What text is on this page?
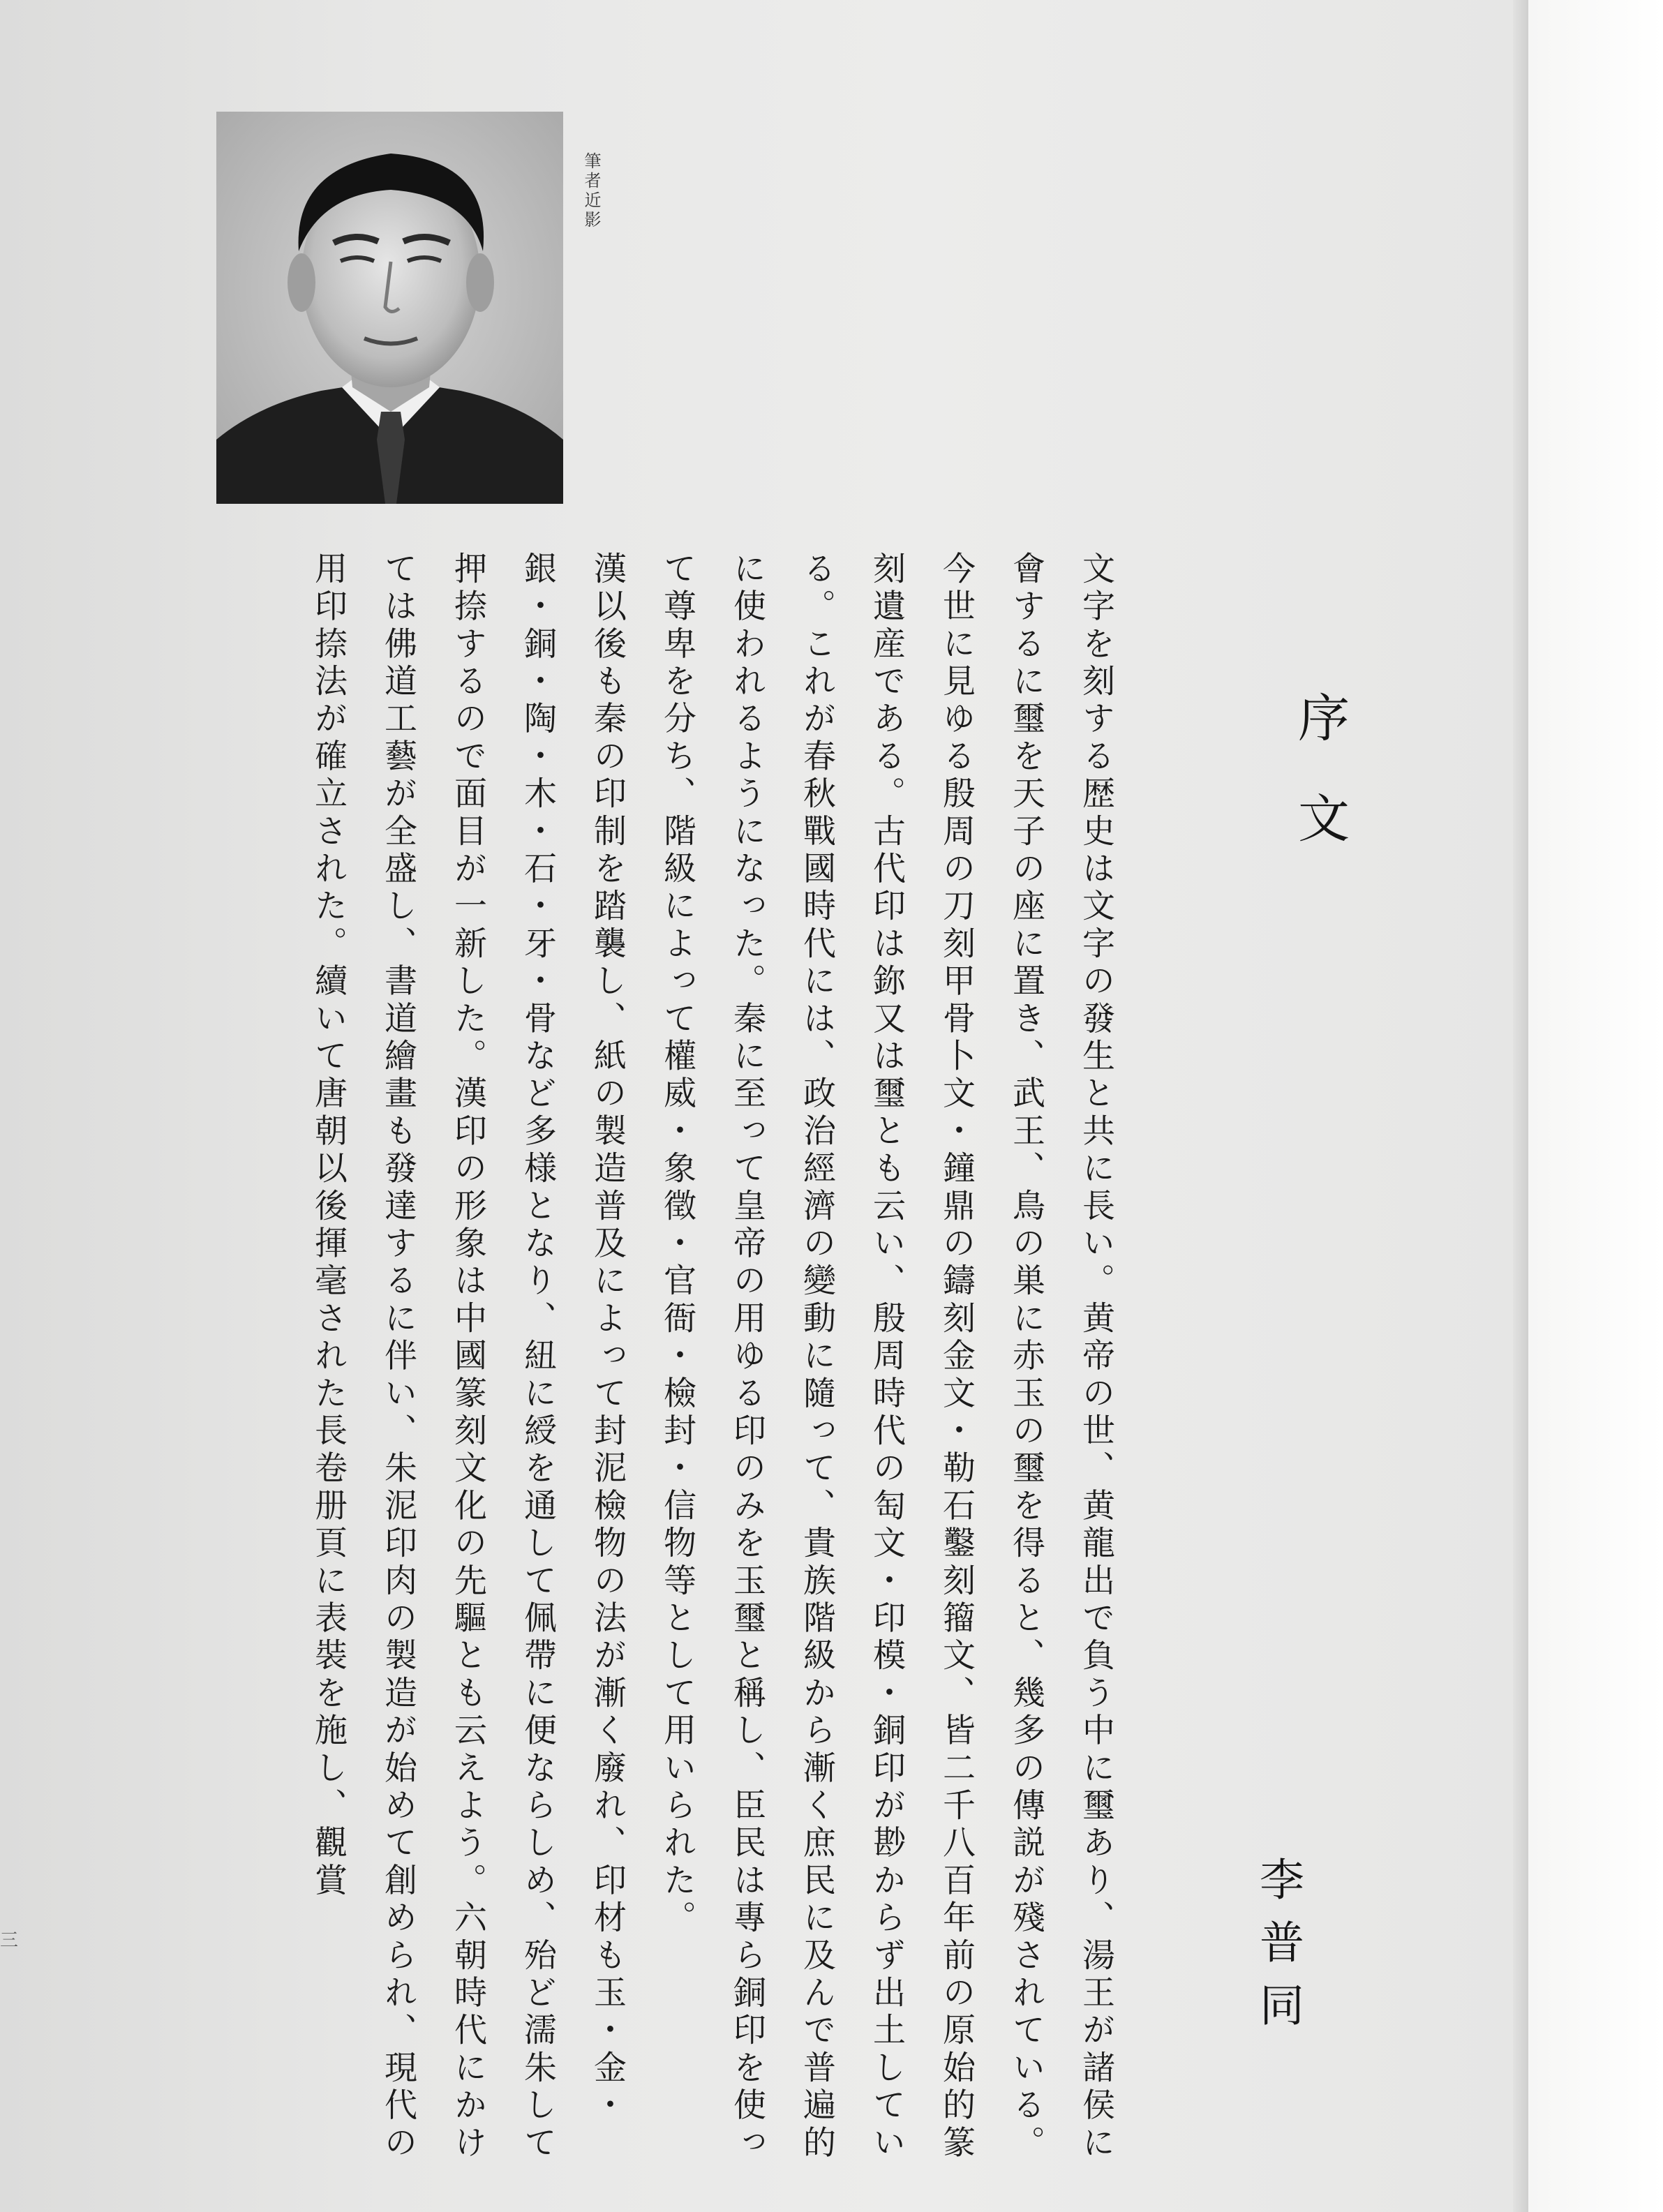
筆者近影
序文
李普同

文字を刻する歴史は文字の發生と共に長い。黄帝の世、黄龍出で負う中に璽あり、湯王が諸侯に會するに璽を天子の座に置き、武王、鳥の巣に赤玉の璽を得ると、幾多の傳説が殘されている。

今世に見ゆる殷周の刀刻甲骨卜文・鐘鼎の鑄刻金文・勒石鑿刻籀文、皆二千八百年前の原始的篆刻遺産である。古代印は鉨又は璽とも云い、殷周時代の匋文・印模・銅印が尠からず出土している。これが春秋戰國時代には、政治經濟の變動に隨って、貴族階級から漸く庶民に及んで普遍的に使われるようになった。秦に至って皇帝の用ゆる印のみを玉璽と稱し、臣民は專ら銅印を使って尊卑を分ち、階級によって權威・象徵・官衙・檢封・信物等として用いられた。

漢以後も秦の印制を踏襲し、紙の製造普及によって封泥檢物の法が漸く廢れ、印材も玉・金・銀・銅・陶・木・石・牙・骨など多様となり、紐に綬を通して佩帶に便ならしめ、殆ど濡朱して押捺するので面目が一新した。漢印の形象は中國篆刻文化の先驅とも云えよう。六朝時代にかけては佛道工藝が全盛し、書道繪畫も發達するに伴い、朱泥印肉の製造が始めて創められ、現代の用印捺法が確立された。續いて唐朝以後揮毫された長卷册頁に表裝を施し、觀賞

三
